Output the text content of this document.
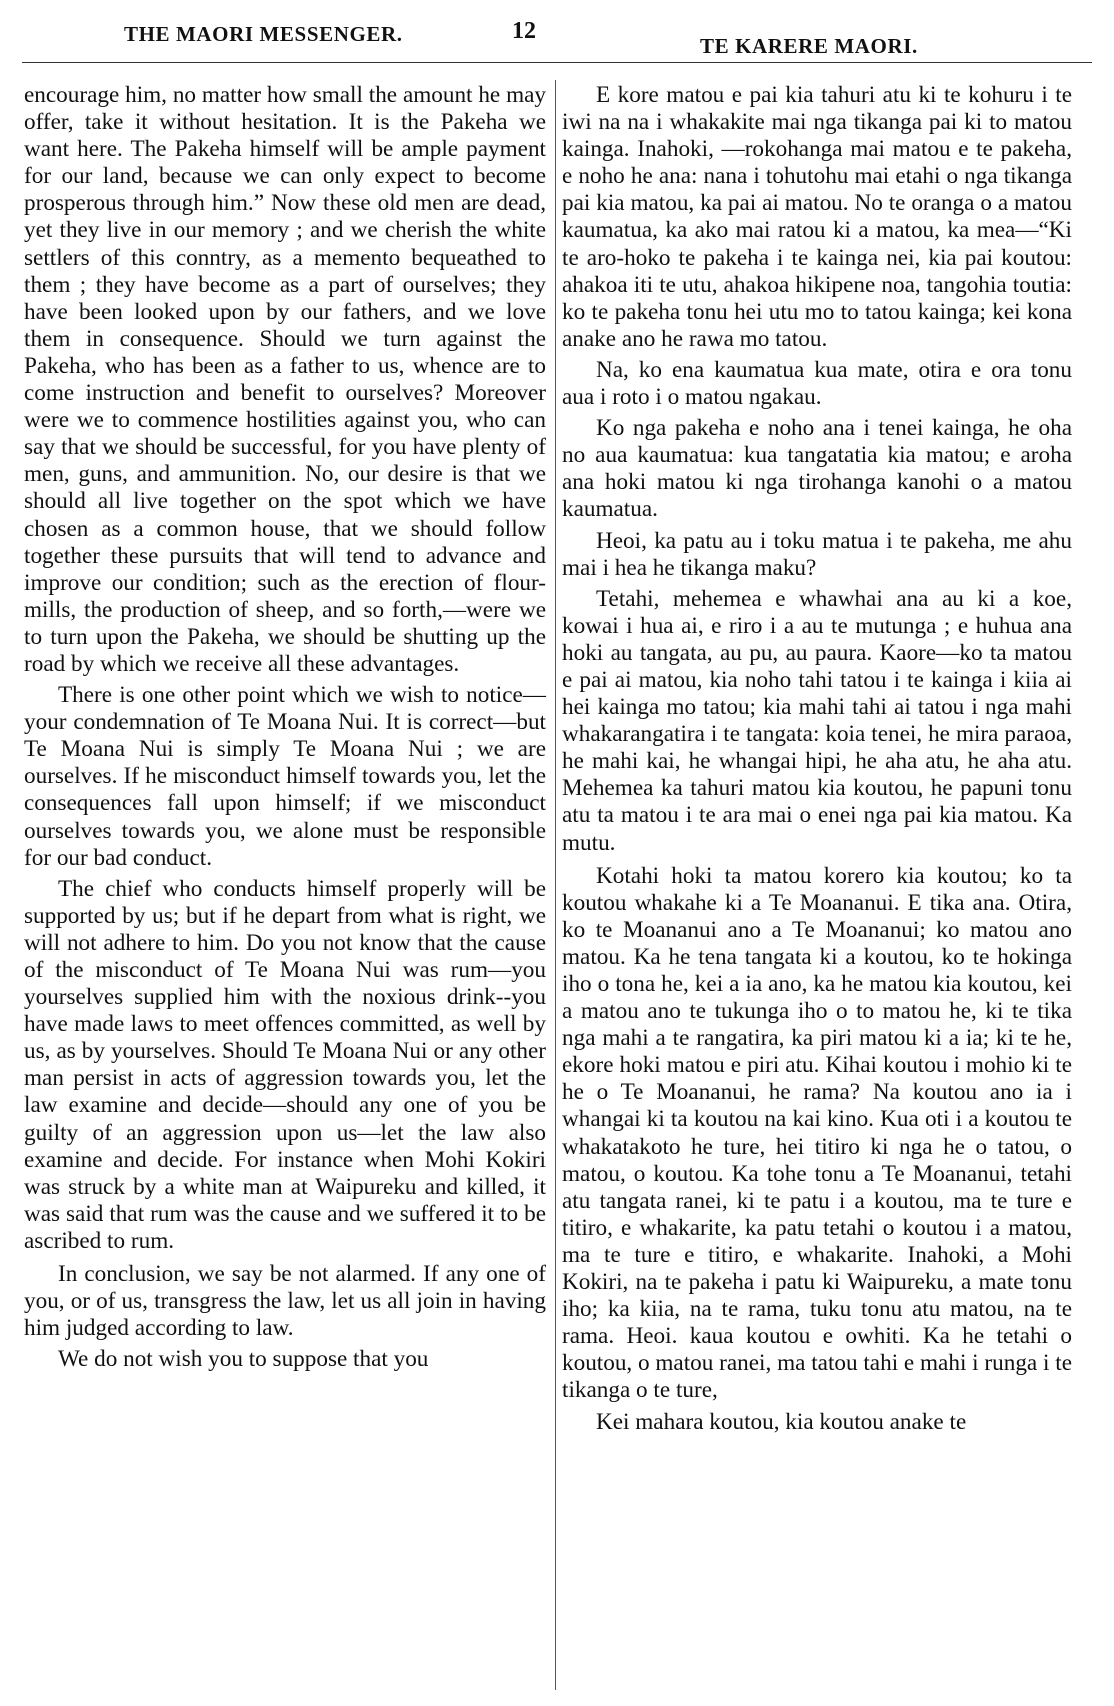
THE MAORI MESSENGER.	12
TE KARERE MAORI.

encourage him, no matter how small the amount he may offer, take it without hesitation. It is the Pakeha we want here. The Pakeha himself will be ample payment for our land, because we can only expect to become prosperous through him.” Now these old men are dead, yet they live in our memory ; and we cherish the white settlers of this conntry, as a memento bequeathed to them ; they have become as a part of ourselves; they have been looked upon by our fathers, and we love them in consequence. Should we turn against the Pakeha, who has been as a father to us, whence are to come instruction and benefit to ourselves? Moreover were we to commence hostilities against you, who can say that we should be successful, for you have plenty of men, guns, and ammunition. No, our desire is that we should all live together on the spot which we have chosen as a common house, that we should follow together these pursuits that will tend to advance and improve our condition; such as the erection of flour-mills, the production of sheep, and so forth,—were we to turn upon the Pakeha, we should be shutting up the road by which we receive all these advantages.

There is one other point which we wish to notice—your condemnation of Te Moana Nui. It is correct—but Te Moana Nui is simply Te Moana Nui ; we are ourselves. If he misconduct himself towards you, let the consequences fall upon himself; if we misconduct ourselves towards you, we alone must be responsible for our bad conduct.

The chief who conducts himself properly will be supported by us; but if he depart from what is right, we will not adhere to him. Do you not know that the cause of the misconduct of Te Moana Nui was rum—you yourselves supplied him with the noxious drink--you have made laws to meet offences committed, as well by us, as by yourselves. Should Te Moana Nui or any other man persist in acts of aggression towards you, let the law examine and decide—should any one of you be guilty of an aggression upon us—let the law also examine and decide. For instance when Mohi Kokiri was struck by a white man at Waipureku and killed, it was said that rum was the cause and we suffered it to be ascribed to rum.

In conclusion, we say be not alarmed. If any one of you, or of us, transgress the law, let us all join in having him judged according to law.

We do not wish you to suppose that you

E kore matou e pai kia tahuri atu ki te kohuru i te iwi na na i whakakite mai nga tikanga pai ki to matou kainga. Inahoki, —rokohanga mai matou e te pakeha, e noho he ana: nana i tohutohu mai etahi o nga tikanga pai kia matou, ka pai ai matou. No te oranga o a matou kaumatua, ka ako mai ratou ki a matou, ka mea—“Ki te aro-hoko te pakeha i te kainga nei, kia pai koutou: ahakoa iti te utu, ahakoa hikipene noa, tangohia toutia: ko te pakeha tonu hei utu mo to tatou kainga; kei kona anake ano he rawa mo tatou.

Na, ko ena kaumatua kua mate, otira e ora tonu aua i roto i o matou ngakau.

Ko nga pakeha e noho ana i tenei kainga, he oha no aua kaumatua: kua tangatatia kia matou; e aroha ana hoki matou ki nga tirohanga kanohi o a matou kaumatua.

Heoi, ka patu au i toku matua i te pakeha, me ahu mai i hea he tikanga maku?

Tetahi, mehemea e whawhai ana au ki a koe, kowai i hua ai, e riro i a au te mutunga ; e huhua ana hoki au tangata, au pu, au paura. Kaore—ko ta matou e pai ai matou, kia noho tahi tatou i te kainga i kiia ai hei kainga mo tatou; kia mahi tahi ai tatou i nga mahi whakarangatira i te tangata: koia tenei, he mira paraoa, he mahi kai, he whangai hipi, he aha atu, he aha atu. Mehemea ka tahuri matou kia koutou, he papuni tonu atu ta matou i te ara mai o enei nga pai kia matou. Ka mutu.

Kotahi hoki ta matou korero kia koutou; ko ta koutou whakahe ki a Te Moananui. E tika ana. Otira, ko te Moananui ano a Te Moananui; ko matou ano matou. Ka he tena tangata ki a koutou, ko te hokinga iho o tona he, kei a ia ano, ka he matou kia koutou, kei a matou ano te tukunga iho o to matou he, ki te tika nga mahi a te rangatira, ka piri matou ki a ia; ki te he, ekore hoki matou e piri atu. Kihai koutou i mohio ki te he o Te Moananui, he rama? Na koutou ano ia i whangai ki ta koutou na kai kino. Kua oti i a koutou te whakatakoto he ture, hei titiro ki nga he o tatou, o matou, o koutou. Ka tohe tonu a Te Moananui, tetahi atu tangata ranei, ki te patu i a koutou, ma te ture e titiro, e whakarite, ka patu tetahi o koutou i a matou, ma te ture e titiro, e whakarite. Inahoki, a Mohi Kokiri, na te pakeha i patu ki Waipureku, a mate tonu iho; ka kiia, na te rama, tuku tonu atu matou, na te rama. Heoi. kaua koutou e owhiti. Ka he tetahi o koutou, o matou ranei, ma tatou tahi e mahi i runga i te tikanga o te ture,

Kei mahara koutou, kia koutou anake te
